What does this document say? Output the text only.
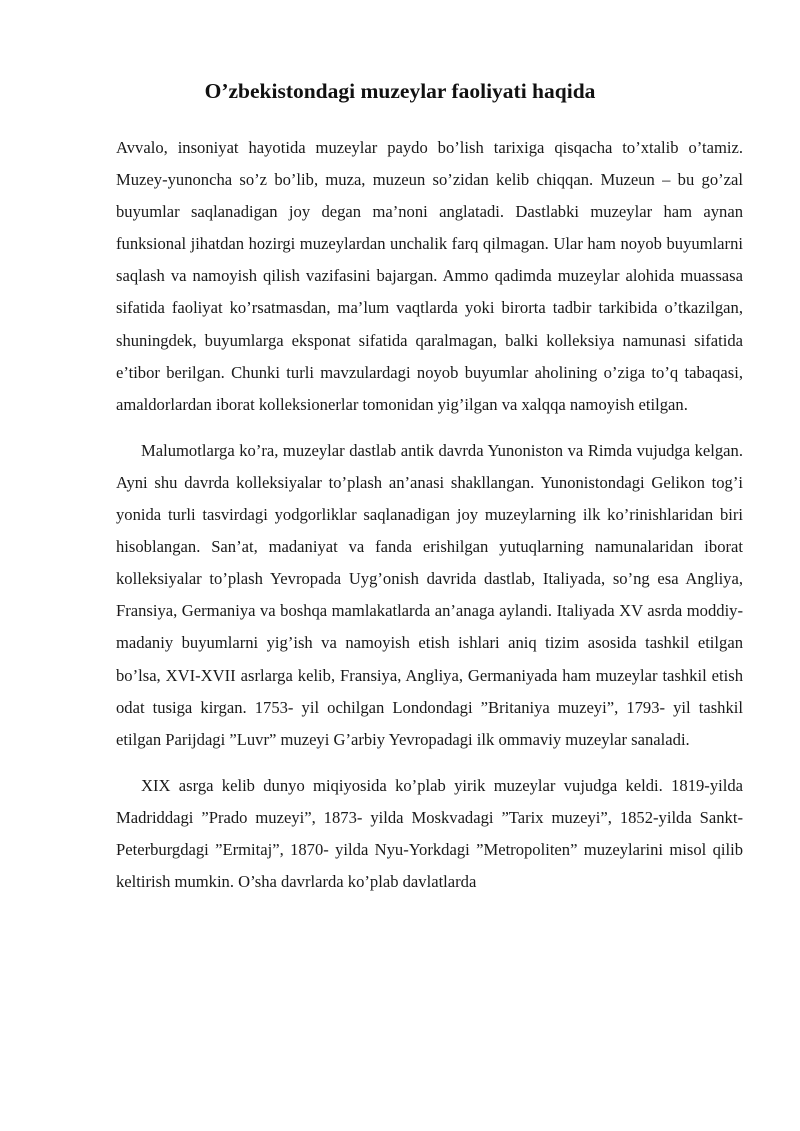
O’zbekistondagi muzeylar faoliyati haqida

Avvalo, insoniyat hayotida muzeylar paydo bo’lish tarixiga qisqacha to’xtalib o’tamiz. Muzey-yunoncha so’z bo’lib, muza, muzeun so’zidan kelib chiqqan. Muzeun – bu go’zal buyumlar saqlanadigan joy degan ma’noni anglatadi. Dastlabki muzeylar ham aynan funksional jihatdan hozirgi muzeylardan unchalik farq qilmagan. Ular ham noyob buyumlarni saqlash va namoyish qilish vazifasini bajargan. Ammo qadimda muzeylar alohida muassasa sifatida faoliyat ko’rsatmasdan, ma’lum vaqtlarda yoki birorta tadbir tarkibida o’tkazilgan, shuningdek, buyumlarga eksponat sifatida qaralmagan, balki kolleksiya namunasi sifatida e’tibor berilgan. Chunki turli mavzulardagi noyob buyumlar aholining o’ziga to’q tabaqasi, amaldorlardan iborat kolleksionerlar tomonidan yig’ilgan va xalqqa namoyish etilgan.

Malumotlarga ko’ra, muzeylar dastlab antik davrda Yunoniston va Rimda vujudga kelgan. Ayni shu davrda kolleksiyalar to’plash an’anasi shakllangan. Yunonistondagi Gelikon tog’i yonida turli tasvirdagi yodgorliklar saqlanadigan joy muzeylarning ilk ko’rinishlaridan biri hisoblangan. San’at, madaniyat va fanda erishilgan yutuqlarning namunalaridan iborat kolleksiyalar to’plash Yevropada Uyg’onish davrida dastlab, Italiyada, so’ng esa Angliya, Fransiya, Germaniya va boshqa mamlakatlarda an’anaga aylandi. Italiyada XV asrda moddiy-madaniy buyumlarni yig’ish va namoyish etish ishlari aniq tizim asosida tashkil etilgan bo’lsa, XVI-XVII asrlarga kelib, Fransiya, Angliya, Germaniyada ham muzeylar tashkil etish odat tusiga kirgan. 1753- yil ochilgan Londondagi ”Britaniya muzeyi”, 1793- yil tashkil etilgan Parijdagi ”Luvr” muzeyi G’arbiy Yevropadagi ilk ommaviy muzeylar sanaladi.

XIX asrga kelib dunyo miqiyosida ko’plab yirik muzeylar vujudga keldi. 1819-yilda Madriddagi ”Prado muzeyi”, 1873- yilda Moskvadagi ”Tarix muzeyi”, 1852-yilda Sankt-Peterburgdagi ”Ermitaj”, 1870- yilda Nyu-Yorkdagi ”Metropoliten” muzeylarini misol qilib keltirish mumkin. O’sha davrlarda ko’plab davlatlarda
